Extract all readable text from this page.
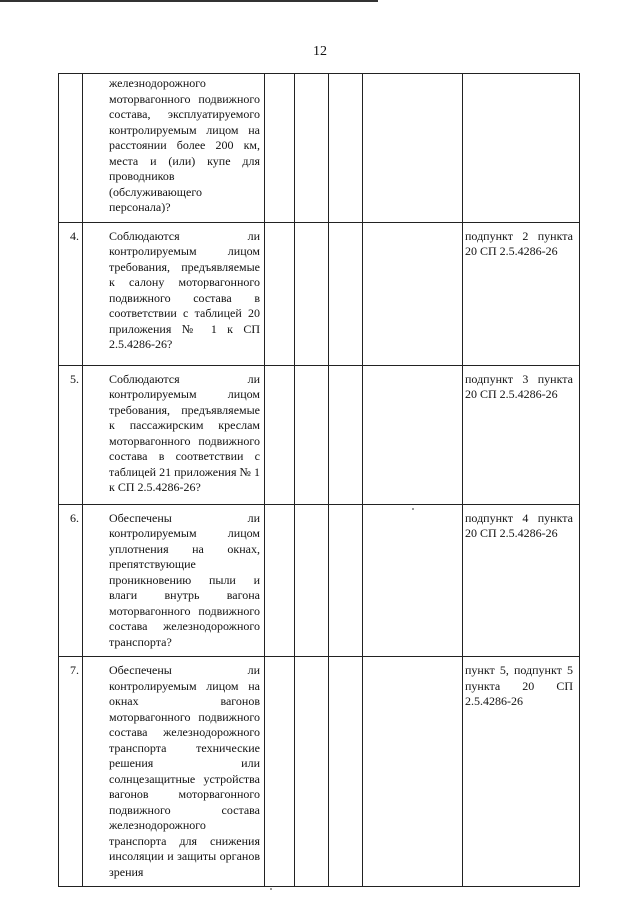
12

	железнодорожного моторвагонного подвижного состава, эксплуатируемого контролируемым лицом на расстоянии более 200 км, места и (или) купе для проводников (обслуживающего персонала)?					

4.	Соблюдаются ли контролируемым лицом требования, предъявляемые к салону моторвагонного подвижного состава в соответствии с таблицей 20 приложения № 1 к СП 2.5.4286-26?					подпункт 2 пункта 20 СП 2.5.4286-26

5.	Соблюдаются ли контролируемым лицом требования, предъявляемые к пассажирским креслам моторвагонного подвижного состава в соответствии с таблицей 21 приложения № 1 к СП 2.5.4286-26?					подпункт 3 пункта 20 СП 2.5.4286-26

6.	Обеспечены ли контролируемым лицом уплотнения на окнах, препятствующие проникновению пыли и влаги внутрь вагона моторвагонного подвижного состава железнодорожного транспорта?					подпункт 4 пункта 20 СП 2.5.4286-26

7.	Обеспечены ли контролируемым лицом на окнах вагонов моторвагонного подвижного состава железнодорожного транспорта технические решения или солнцезащитные устройства вагонов моторвагонного подвижного состава железнодорожного транспорта для снижения инсоляции и защиты органов зрения					пункт 5, подпункт 5 пункта 20 СП 2.5.4286-26
